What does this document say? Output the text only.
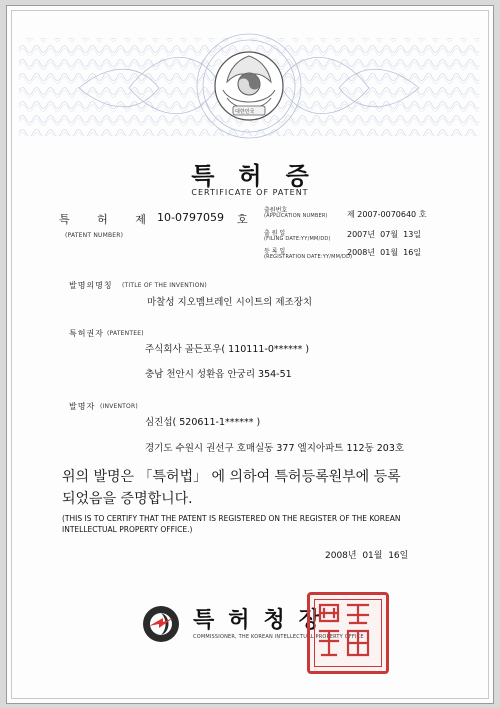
대한민국
특허증
CERTIFICATE OF PATENT
특 허 제 10-0797059 호
(PATENT NUMBER)
출원번호
(APPLICATION NUMBER) 제 2007-0070640 호
출 원 일
(FILING DATE:YY/MM/DD) 2007년  07월  13일
등 록 일
(REGISTRATION DATE:YY/MM/DD)
2008년  01월  16일
발명의명칭 (TITLE OF THE INVENTION)
마찰성 지오멤브레인 시이트의 제조장치
특허권자 (PATENTEE)
주식회사 골든포우( 110111-0****** )
충남 천안시 성환읍 안궁리 354-51
발명자 (INVENTOR)
심진섭( 520611-1****** )
경기도 수원시 권선구 호매실동 377 엘지아파트 112동 203호
위의 발명은 「특허법」 에 의하여 특허등록원부에 등록
되었음을 증명합니다.
(THIS IS TO CERTIFY THAT THE PATENT IS REGISTERED ON THE REGISTER OF THE KOREAN
INTELLECTUAL PROPERTY OFFICE.)
2008년  01월  16일
특허청장
COMMISSIONER, THE KOREAN INTELLECTUAL PROPERTY OFFICE
